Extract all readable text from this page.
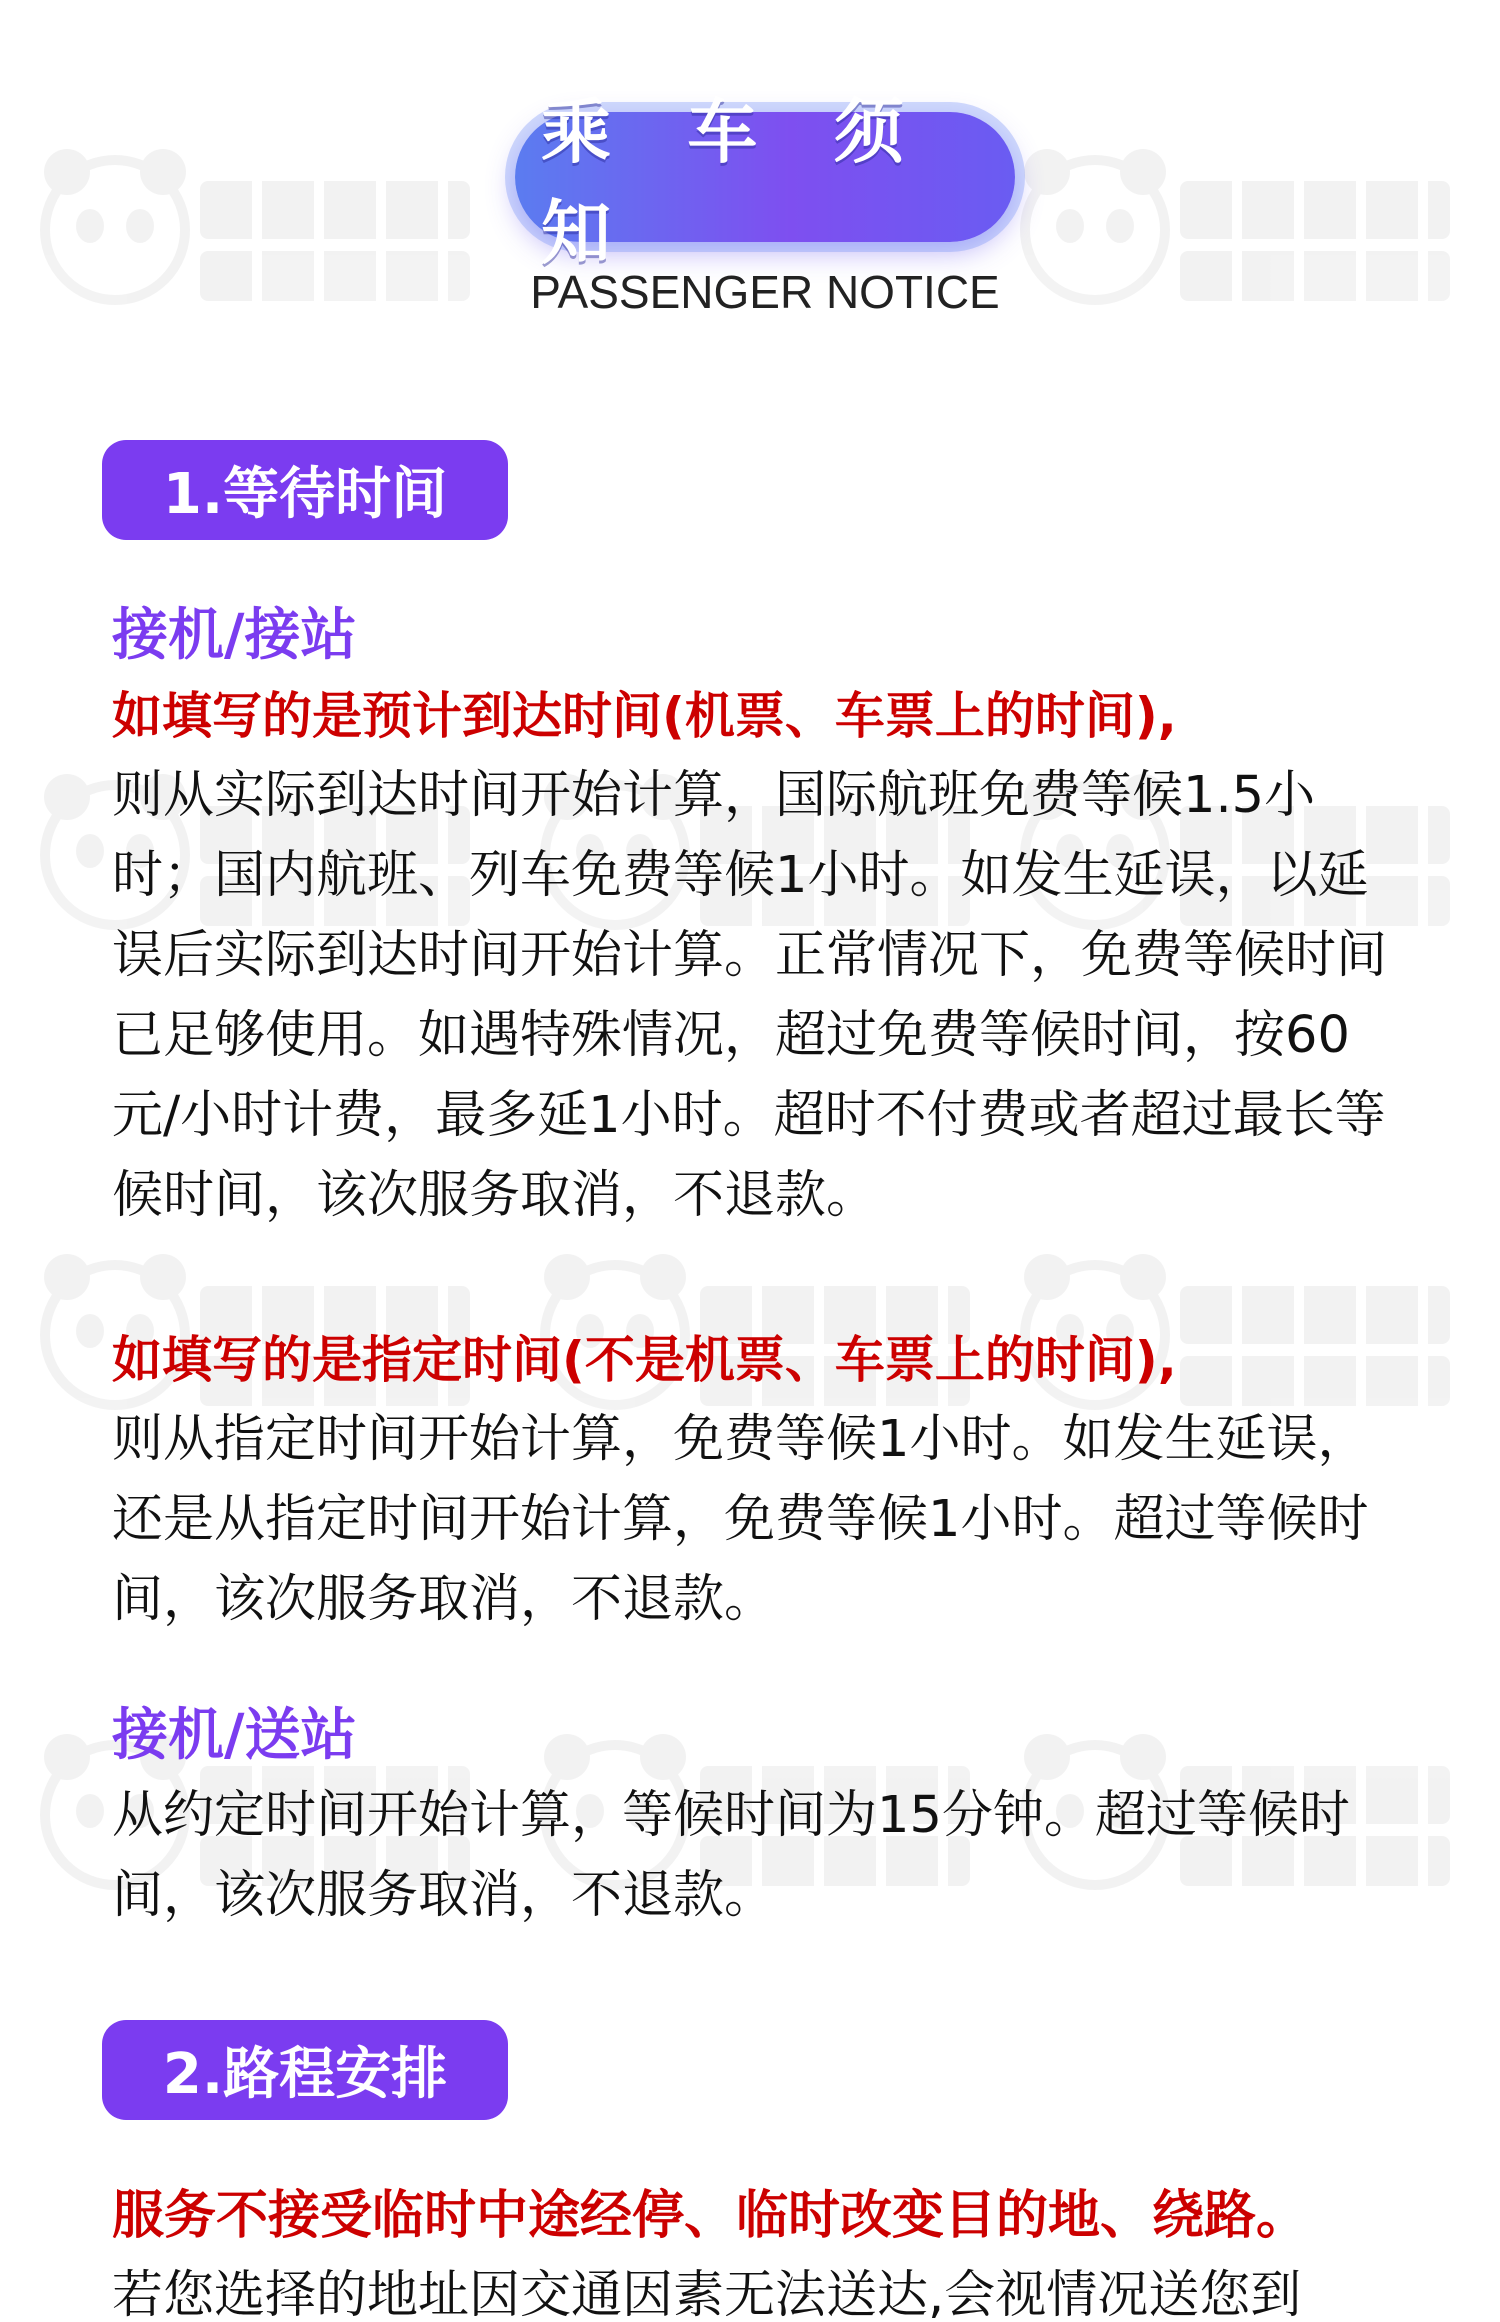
乘 车 须 知
PASSENGER NOTICE
1.等待时间

接机/接站

如填写的是预计到达时间(机票、车票上的时间),

则从实际到达时间开始计算，国际航班免费等候1.5小时；国内航班、列车免费等候1小时。如发生延误，以延误后实际到达时间开始计算。正常情况下，免费等候时间已足够使用。如遇特殊情况，超过免费等候时间，按60元/小时计费，最多延1小时。超时不付费或者超过最长等候时间，该次服务取消，不退款。

如填写的是指定时间(不是机票、车票上的时间),

则从指定时间开始计算，免费等候1小时。如发生延误，还是从指定时间开始计算，免费等候1小时。超过等候时间，该次服务取消，不退款。

接机/送站

从约定时间开始计算，等候时间为15分钟。超过等候时间，该次服务取消，不退款。

2.路程安排

服务不接受临时中途经停、临时改变目的地、绕路。

若您选择的地址因交通因素无法送达,会视情况送您到
